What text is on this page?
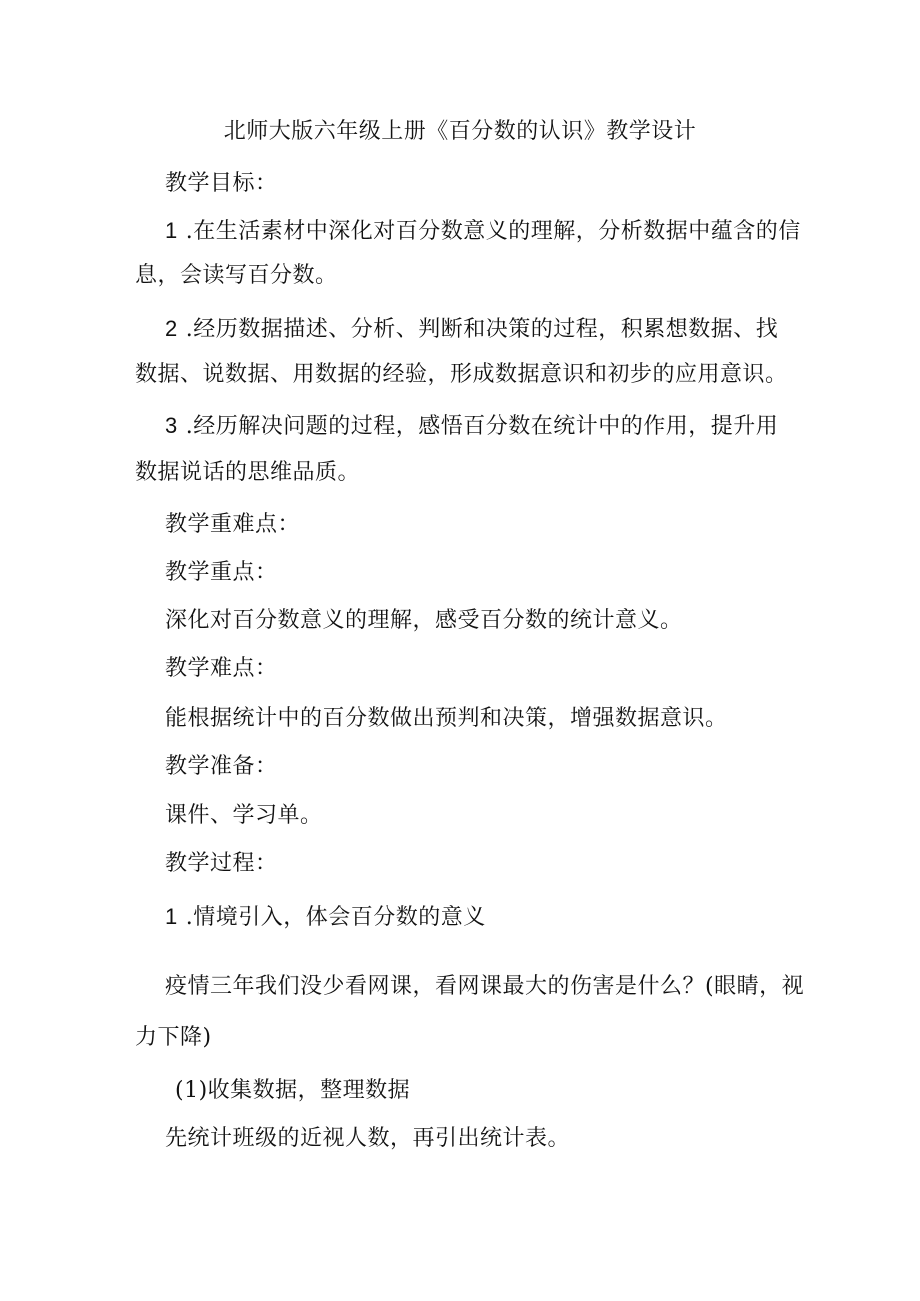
北师大版六年级上册《百分数的认识》教学设计
教学目标：
1 .在生活素材中深化对百分数意义的理解，分析数据中蕴含的信
息，会读写百分数。
2 .经历数据描述、分析、判断和决策的过程，积累想数据、找
数据、说数据、用数据的经验，形成数据意识和初步的应用意识。
3 .经历解决问题的过程，感悟百分数在统计中的作用，提升用
数据说话的思维品质。
教学重难点：
教学重点：
深化对百分数意义的理解，感受百分数的统计意义。
教学难点：
能根据统计中的百分数做出预判和决策，增强数据意识。
教学准备：
课件、学习单。
教学过程：
1 .情境引入，体会百分数的意义
疫情三年我们没少看网课，看网课最大的伤害是什么？(眼睛，视
力下降)
(1)收集数据，整理数据
先统计班级的近视人数，再引出统计表。
